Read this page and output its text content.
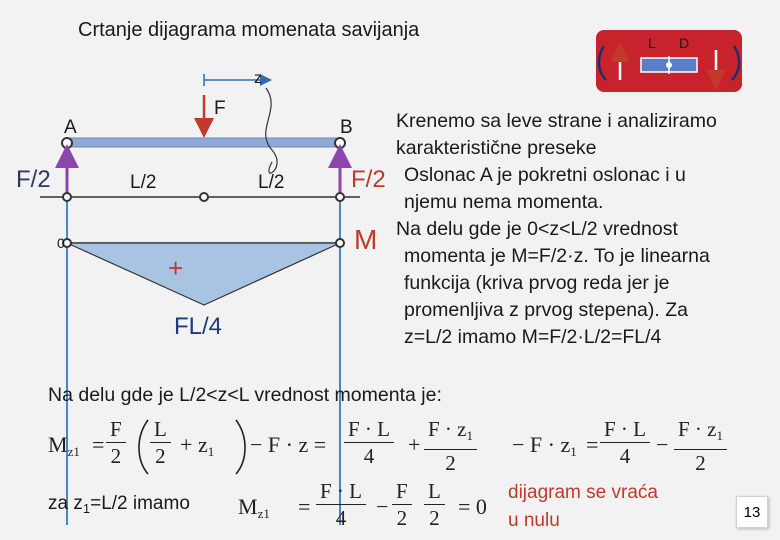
Crtanje dijagrama momenata savijanja
L D
z
F
A	B
F/2	F/2
L/2	L/2
0
+
M
FL/4
Krenemo sa leve strane i analiziramo
karakteristične preseke
Oslonac A je pokretni oslonac i u
njemu nema momenta.
Na delu gde je 0<z<L/2 vrednost
momenta je M=F/2·z. To je linearna
funkcija (kriva prvog reda jer je
promenljiva z prvog stepena). Za
z=L/2 imamo M=F/2·L/2=FL/4
Na delu gde je L/2<z<L vrednost momenta je:
$M_{z1} = \frac{F}{2} \frac{L}{2} + z_1 - F \cdot z = \frac{F \cdot L}{4} + \frac{F \cdot z_1}{2} - F \cdot z_1 = \frac{F \cdot L}{4} - \frac{F \cdot z_1}{2}$
za $z_1=L/2$ imamo $M_{z1} = \frac{F \cdot L}{4} - \frac{F}{2} \frac{L}{2} = 0$
dijagram se vraća
u nulu	13
